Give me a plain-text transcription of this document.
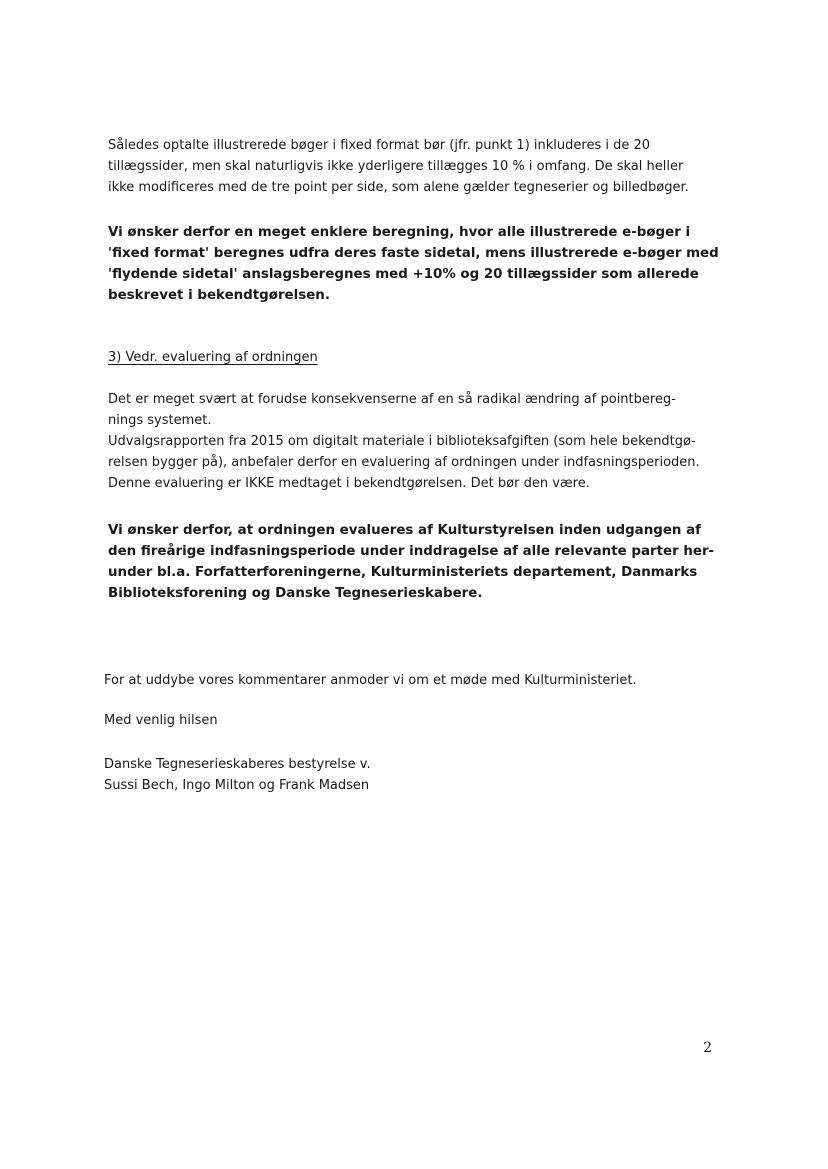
Således optalte illustrerede bøger i fixed format bør (jfr. punkt 1) inkluderes i de 20
tillægssider, men skal naturligvis ikke yderligere tillægges 10 % i omfang. De skal heller
ikke modificeres med de tre point per side, som alene gælder tegneserier og billedbøger.
Vi ønsker derfor en meget enklere beregning, hvor alle illustrerede e-bøger i
'fixed format' beregnes udfra deres faste sidetal, mens illustrerede e-bøger med
'flydende sidetal' anslagsberegnes med +10% og 20 tillægssider som allerede
beskrevet i bekendtgørelsen.
3) Vedr. evaluering af ordningen
Det er meget svært at forudse konsekvenserne af en så radikal ændring af pointbereg-
nings systemet.
Udvalgsrapporten fra 2015 om digitalt materiale i biblioteksafgiften (som hele bekendtgø-
relsen bygger på), anbefaler derfor en evaluering af ordningen under indfasningsperioden.
Denne evaluering er IKKE medtaget i bekendtgørelsen. Det bør den være.
Vi ønsker derfor, at ordningen evalueres af Kulturstyrelsen inden udgangen af
den fireårige indfasningsperiode under inddragelse af alle relevante parter her-
under bl.a. Forfatterforeningerne, Kulturministeriets departement, Danmarks
Biblioteksforening og Danske Tegneserieskabere.
For at uddybe vores kommentarer anmoder vi om et møde med Kulturministeriet.
Med venlig hilsen
Danske Tegneserieskaberes bestyrelse v.
Sussi Bech, Ingo Milton og Frank Madsen
2
